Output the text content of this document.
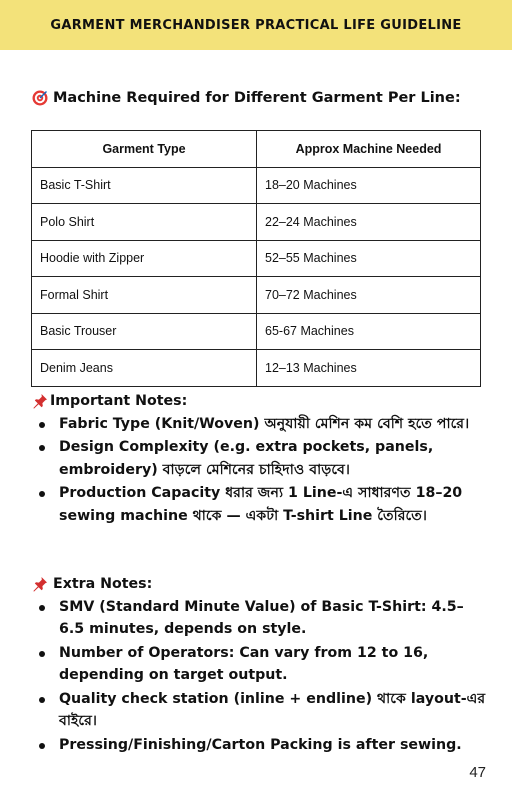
GARMENT MERCHANDISER PRACTICAL LIFE GUIDELINE
Machine Required for Different Garment Per Line:
Garment Type	Approx Machine Needed
Basic T-Shirt	18–20 Machines
Polo Shirt	22–24 Machines
Hoodie with Zipper	52–55 Machines
Formal Shirt	70–72 Machines
Basic Trouser	65-67 Machines
Denim Jeans	12–13 Machines
Important Notes:
Fabric Type (Knit/Woven) অনুযায়ী মেশিন কম বেশি হতে পারে।
Design Complexity (e.g. extra pockets, panels, embroidery) বাড়লে মেশিনের চাহিদাও বাড়বে।
Production Capacity ধরার জন্য 1 Line-এ সাধারণত 18–20 sewing machine থাকে — একটা T-shirt Line তৈরিতে।
Extra Notes:
SMV (Standard Minute Value) of Basic T-Shirt: 4.5–6.5 minutes, depends on style.
Number of Operators: Can vary from 12 to 16, depending on target output.
Quality check station (inline + endline) থাকে layout-এর বাইরে।
Pressing/Finishing/Carton Packing is after sewing.
47
